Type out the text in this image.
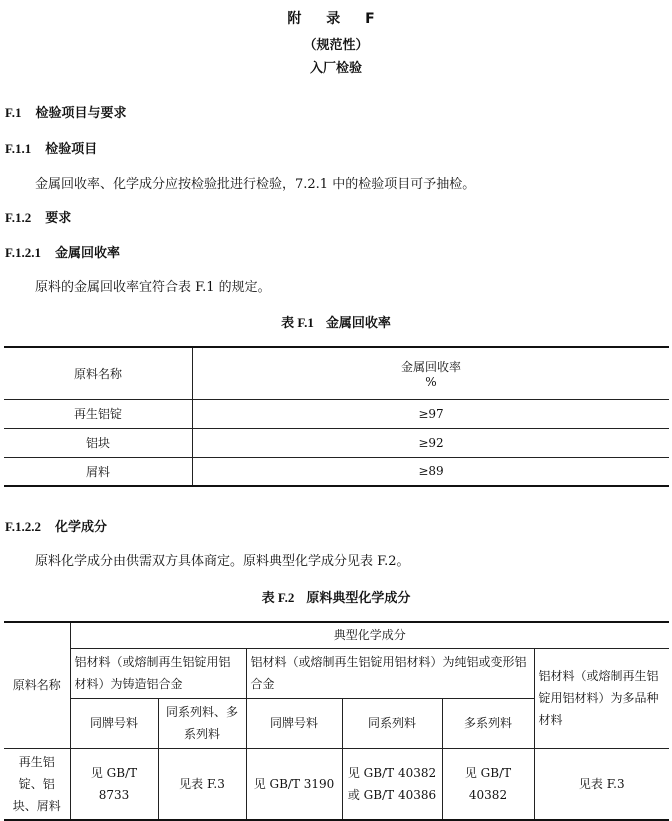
附 录 F
（规范性）
入厂检验
F.1 检验项目与要求
F.1.1 检验项目
金属回收率、化学成分应按检验批进行检验，7.2.1 中的检验项目可予抽检。
F.1.2 要求
F.1.2.1 金属回收率
原料的金属回收率宜符合表 F.1 的规定。
表 F.1 金属回收率
原料名称	金属回收率
%

再生铝锭	≥97
铝块	≥92
屑料	≥89
F.1.2.2 化学成分
原料化学成分由供需双方具体商定。原料典型化学成分见表 F.2。
表 F.2 原料典型化学成分
原料名称	典型化学成分					
	铝材料（或熔制再生铝锭用铝材料）为铸造铝合金		铝材料（或熔制再生铝锭用铝材料）为纯铝或变形铝合金			铝材料（或熔制再生铝锭用铝材料）为多品种材料
	同牌号料	同系列料、多系列料	同牌号料	同系列料	多系列料	
再生铝锭、铝块、屑料	见 GB/T 8733	见表 F.3	见 GB/T 3190	见 GB/T 40382 或 GB/T 40386	见 GB/T 40382	见表 F.3
